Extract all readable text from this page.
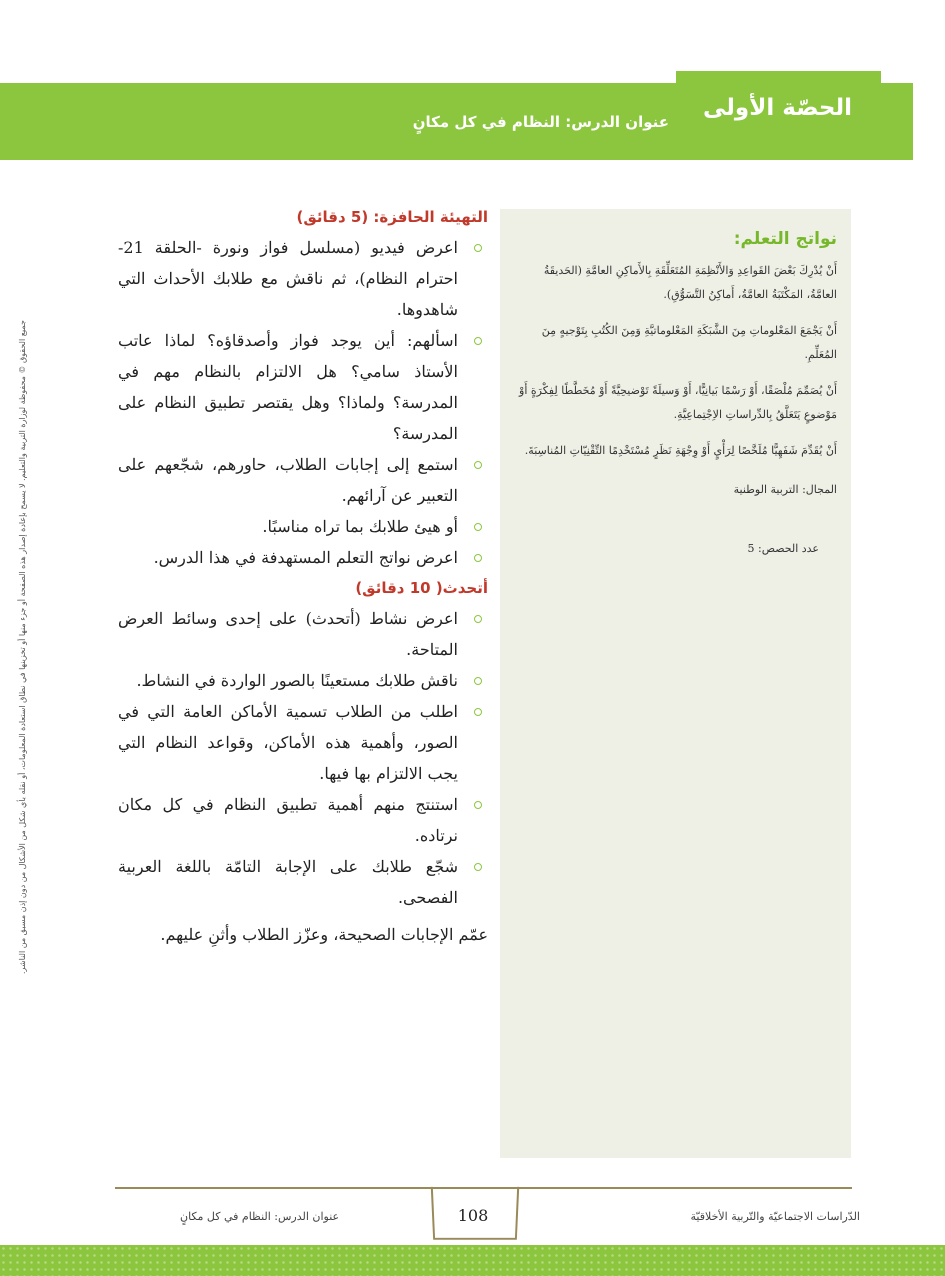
الحصّة الأولى
عنوان الدرس: النظام في كل مكانٍ
جميع الحقوق © محفوظة لوزارة التربية والتعليم. لا يسمح بإعادة إصدار هذه الصفحة أو جزء منها أو تخزينها في نطاق استعادة المعلومات، أو نقله بأي شكل من الأشكال من دون إذن مسبق من الناشر.
نواتج التعلم:
أَنْ يُدْرِكَ بَعْضَ القَواعِدِ وَالأَنْظِمَةِ المُتَعَلِّقَةِ بِالأَماكِنِ العامَّةِ (الحَديقَةُ العامَّةُ، المَكْتَبَةُ العامَّةُ، أَماكِنُ التَّسَوُّقِ).
أَنْ يَجْمَعَ المَعْلوماتِ مِنَ الشَّبَكَةِ المَعْلوماتيَّةِ وَمِنَ الكُتُبِ بِتَوْجيهٍ مِنَ المُعَلِّمِ.
أَنْ يُصَمِّمَ مُلْصَقًا، أَوْ رَسْمًا بَيانِيًّا، أَوْ وَسيلَةً تَوْضيحِيَّةً أَوْ مُخَطَّطًا لِفِكْرَةٍ أَوْ مَوْضوعٍ يَتَعَلَّقُ بِالدِّراساتِ الاِجْتِماعِيَّةِ.
أَنْ يُقَدِّمَ شَفَهِيًّا مُلَخَّصًا لِرَأْيٍ أَوْ وِجْهَةِ نَظَرٍ مُسْتَخْدِمًا التِّقْنِيّاتِ المُناسِبَةَ.
المجال: التربية الوطنية
عدد الحصص: 5
التهيئة الحافزة: (5 دقائق)
اعرض فيديو (مسلسل فواز ونورة -الحلقة 21- احترام النظام)، ثم ناقش مع طلابك الأحداث التي شاهدوها.
اسألهم: أين يوجد فواز وأصدقاؤه؟ لماذا عاتب الأستاذ سامي؟ هل الالتزام بالنظام مهم في المدرسة؟ ولماذا؟ وهل يقتصر تطبيق النظام على المدرسة؟
استمع إلى إجابات الطلاب، حاورهم، شجّعهم على التعبير عن آرائهم.
أو هيئ طلابك بما تراه مناسبًا.
اعرض نواتج التعلم المستهدفة في هذا الدرس.
أتحدث( 10 دقائق)
اعرض نشاط (أتحدث) على إحدى وسائط العرض المتاحة.
ناقش طلابك مستعينًا بالصور الواردة في النشاط.
اطلب من الطلاب تسمية الأماكن العامة التي في الصور، وأهمية هذه الأماكن، وقواعد النظام التي يجب الالتزام بها فيها.
استنتج منهم أهمية تطبيق النظام في كل مكان نرتاده.
شجّع طلابك على الإجابة التامّة باللغة العربية الفصحى.
عمّم الإجابات الصحيحة، وعزّز الطلاب وأثنِ عليهم.
108
عنوان الدرس: النظام في كل مكانٍ	الدّراسات الاجتماعيّة والتّربية الأخلاقيّة
